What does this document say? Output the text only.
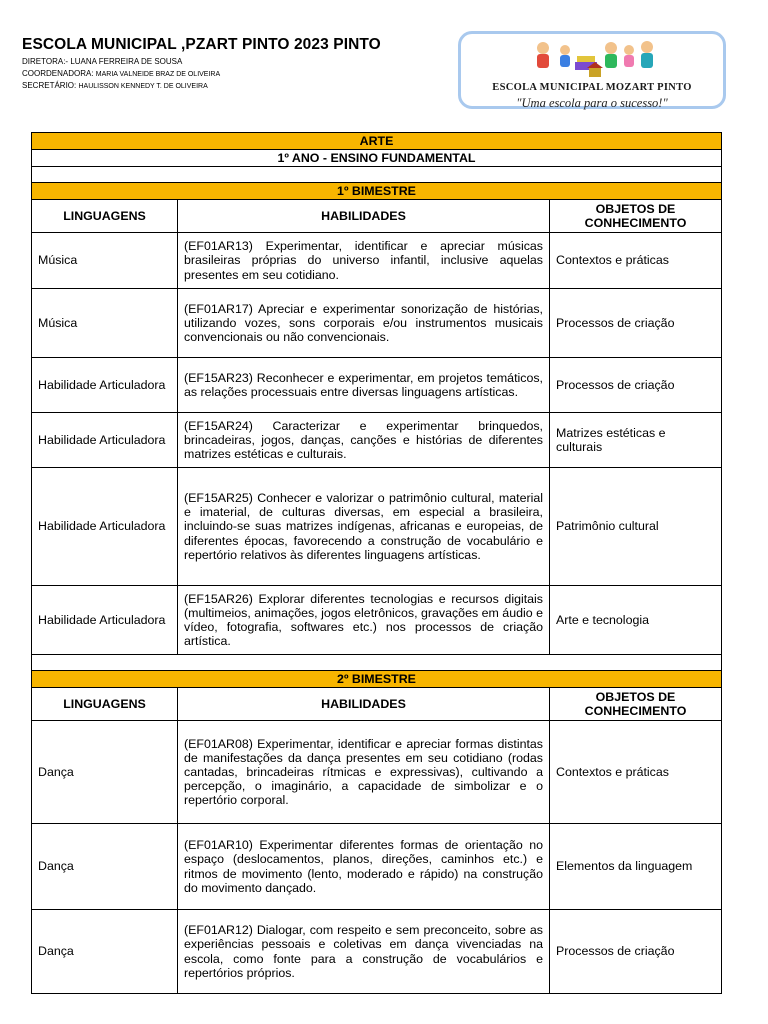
ESCOLA MUNICIPAL ,PZART PINTO 2023 PINTO
DIRETORA:- LUANA FERREIRA DE SOUSA
COORDENADORA: MARIA VALNEIDE BRAZ DE OLIVEIRA
SECRETÁRIO: HAULISSON KENNEDY T. DE OLIVEIRA	ESCOLA MUNICIPAL MOZART PINTO
"Uma escola para o sucesso!"
ARTE		
1º ANO - ENSINO FUNDAMENTAL		

1º BIMESTRE		
LINGUAGENS	HABILIDADES	OBJETOS DE CONHECIMENTO
Música	(EF01AR13) Experimentar, identificar e apreciar músicas brasileiras próprias do universo infantil, inclusive aquelas presentes em seu cotidiano.	Contextos e práticas
Música	(EF01AR17) Apreciar e experimentar sonorização de histórias, utilizando vozes, sons corporais e/ou instrumentos musicais convencionais ou não convencionais.	Processos de criação
Habilidade Articuladora	(EF15AR23) Reconhecer e experimentar, em projetos temáticos, as relações processuais entre diversas linguagens artísticas.	Processos de criação
Habilidade Articuladora	(EF15AR24) Caracterizar e experimentar brinquedos, brincadeiras, jogos, danças, canções e histórias de diferentes matrizes estéticas e culturais.	Matrizes estéticas e culturais
Habilidade Articuladora	(EF15AR25) Conhecer e valorizar o patrimônio cultural, material e imaterial, de culturas diversas, em especial a brasileira, incluindo-se suas matrizes indígenas, africanas e europeias, de diferentes épocas, favorecendo a construção de vocabulário e repertório relativos às diferentes linguagens artísticas.	Patrimônio cultural
Habilidade Articuladora	(EF15AR26) Explorar diferentes tecnologias e recursos digitais (multimeios, animações, jogos eletrônicos, gravações em áudio e vídeo, fotografia, softwares etc.) nos processos de criação artística.	Arte e tecnologia

2º BIMESTRE		
LINGUAGENS	HABILIDADES	OBJETOS DE CONHECIMENTO
Dança	(EF01AR08) Experimentar, identificar e apreciar formas distintas de manifestações da dança presentes em seu cotidiano (rodas cantadas, brincadeiras rítmicas e expressivas), cultivando a percepção, o imaginário, a capacidade de simbolizar e o repertório corporal.	Contextos e práticas
Dança	(EF01AR10) Experimentar diferentes formas de orientação no espaço (deslocamentos, planos, direções, caminhos etc.) e ritmos de movimento (lento, moderado e rápido) na construção do movimento dançado.	Elementos da linguagem
Dança	(EF01AR12) Dialogar, com respeito e sem preconceito, sobre as experiências pessoais e coletivas em dança vivenciadas na escola, como fonte para a construção de vocabulários e repertórios próprios.	Processos de criação
